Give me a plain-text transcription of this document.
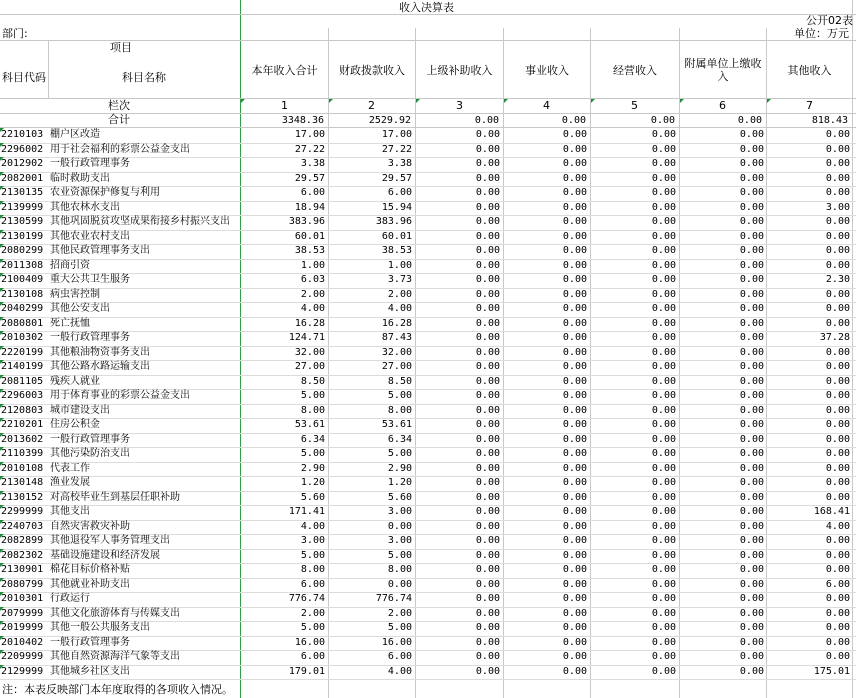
收入决算表
公开02表
部门:	单位：万元
项目
科目代码	科目名称
本年收入合计	财政拨款收入	上级补助收入	事业收入	经营收入	附属单位上缴收入	其他收入
栏次	1	2	3	4	5	6	7
合计	3348.36	2529.92	0.00	0.00	0.00	0.00	818.43
2210103 棚户区改造	17.00	17.00	0.00	0.00	0.00	0.00	0.00
2296002 用于社会福利的彩票公益金支出	27.22	27.22	0.00	0.00	0.00	0.00	0.00
2012902 一般行政管理事务	3.38	3.38	0.00	0.00	0.00	0.00	0.00
2082001 临时救助支出	29.57	29.57	0.00	0.00	0.00	0.00	0.00
2130135 农业资源保护修复与利用	6.00	6.00	0.00	0.00	0.00	0.00	0.00
2139999 其他农林水支出	18.94	15.94	0.00	0.00	0.00	0.00	3.00
2130599 其他巩固脱贫攻坚成果衔接乡村振兴支出	383.96	383.96	0.00	0.00	0.00	0.00	0.00
2130199 其他农业农村支出	60.01	60.01	0.00	0.00	0.00	0.00	0.00
2080299 其他民政管理事务支出	38.53	38.53	0.00	0.00	0.00	0.00	0.00
2011308 招商引资	1.00	1.00	0.00	0.00	0.00	0.00	0.00
2100409 重大公共卫生服务	6.03	3.73	0.00	0.00	0.00	0.00	2.30
2130108 病虫害控制	2.00	2.00	0.00	0.00	0.00	0.00	0.00
2040299 其他公安支出	4.00	4.00	0.00	0.00	0.00	0.00	0.00
2080801 死亡抚恤	16.28	16.28	0.00	0.00	0.00	0.00	0.00
2010302 一般行政管理事务	124.71	87.43	0.00	0.00	0.00	0.00	37.28
2220199 其他粮油物资事务支出	32.00	32.00	0.00	0.00	0.00	0.00	0.00
2140199 其他公路水路运输支出	27.00	27.00	0.00	0.00	0.00	0.00	0.00
2081105 残疾人就业	8.50	8.50	0.00	0.00	0.00	0.00	0.00
2296003 用于体育事业的彩票公益金支出	5.00	5.00	0.00	0.00	0.00	0.00	0.00
2120803 城市建设支出	8.00	8.00	0.00	0.00	0.00	0.00	0.00
2210201 住房公积金	53.61	53.61	0.00	0.00	0.00	0.00	0.00
2013602 一般行政管理事务	6.34	6.34	0.00	0.00	0.00	0.00	0.00
2110399 其他污染防治支出	5.00	5.00	0.00	0.00	0.00	0.00	0.00
2010108 代表工作	2.90	2.90	0.00	0.00	0.00	0.00	0.00
2130148 渔业发展	1.20	1.20	0.00	0.00	0.00	0.00	0.00
2130152 对高校毕业生到基层任职补助	5.60	5.60	0.00	0.00	0.00	0.00	0.00
2299999 其他支出	171.41	3.00	0.00	0.00	0.00	0.00	168.41
2240703 自然灾害救灾补助	4.00	0.00	0.00	0.00	0.00	0.00	4.00
2082899 其他退役军人事务管理支出	3.00	3.00	0.00	0.00	0.00	0.00	0.00
2082302 基础设施建设和经济发展	5.00	5.00	0.00	0.00	0.00	0.00	0.00
2130901 棉花目标价格补贴	8.00	8.00	0.00	0.00	0.00	0.00	0.00
2080799 其他就业补助支出	6.00	0.00	0.00	0.00	0.00	0.00	6.00
2010301 行政运行	776.74	776.74	0.00	0.00	0.00	0.00	0.00
2079999 其他文化旅游体育与传媒支出	2.00	2.00	0.00	0.00	0.00	0.00	0.00
2019999 其他一般公共服务支出	5.00	5.00	0.00	0.00	0.00	0.00	0.00
2010402 一般行政管理事务	16.00	16.00	0.00	0.00	0.00	0.00	0.00
2209999 其他自然资源海洋气象等支出	6.00	6.00	0.00	0.00	0.00	0.00	0.00
2129999 其他城乡社区支出	179.01	4.00	0.00	0.00	0.00	0.00	175.01
注：本表反映部门本年度取得的各项收入情况。
